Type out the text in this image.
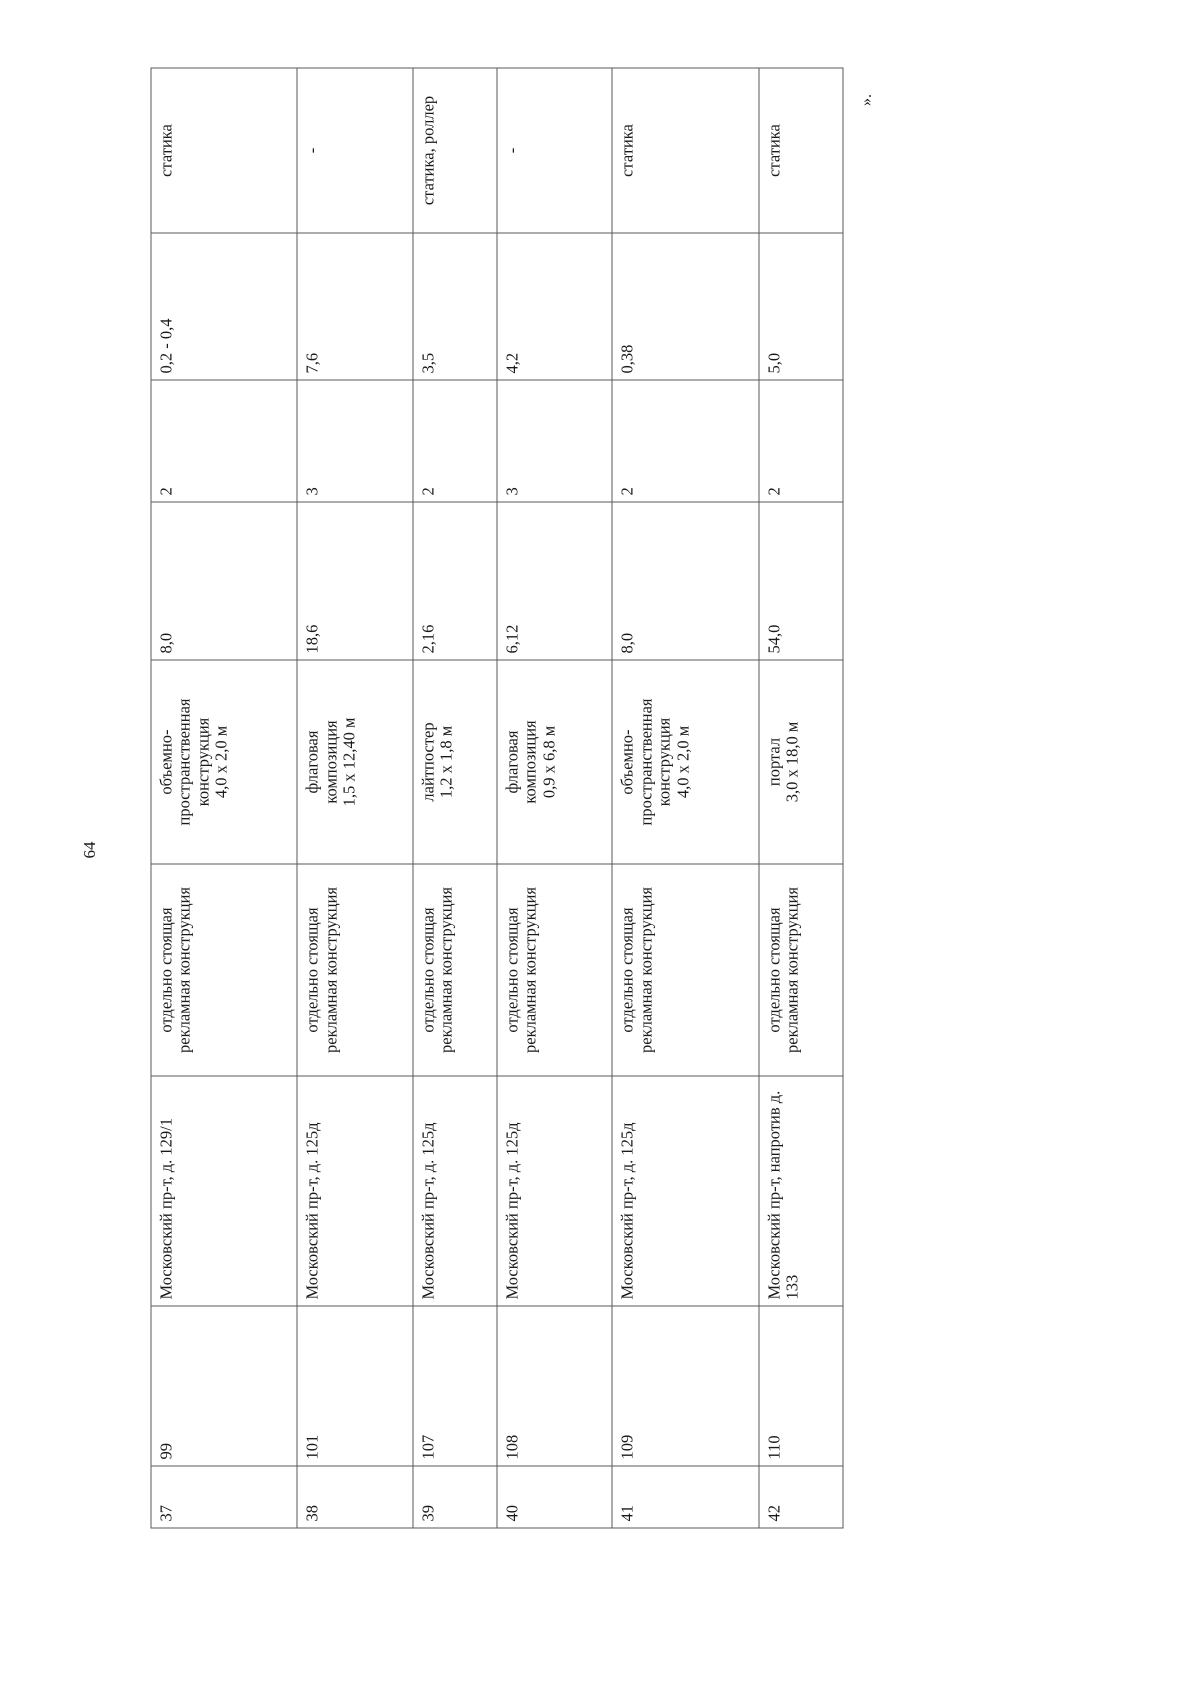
64
».
37	99	Московский пр-т, д. 129/1	отдельно стоящая рекламная конструкция	объемно- пространственная конструкция 4,0 х 2,0 м	8,0	2	0,2 - 0,4	статика
38	101	Московский пр-т, д. 125д	отдельно стоящая рекламная конструкция	флаговая композиция 1,5 х 12,40 м	18,6	3	7,6	-
39	107	Московский пр-т, д. 125д	отдельно стоящая рекламная конструкция	лайтпостер 1,2 х 1,8 м	2,16	2	3,5	статика, роллер
40	108	Московский пр-т, д. 125д	отдельно стоящая рекламная конструкция	флаговая композиция 0,9 х 6,8 м	6,12	3	4,2	-
41	109	Московский пр-т, д. 125д	отдельно стоящая рекламная конструкция	объемно- пространственная конструкция 4,0 х 2,0 м	8,0	2	0,38	статика
42	110	Московский пр-т, напротив д. 133	отдельно стоящая рекламная конструкция	портал 3,0 х 18,0 м	54,0	2	5,0	статика
